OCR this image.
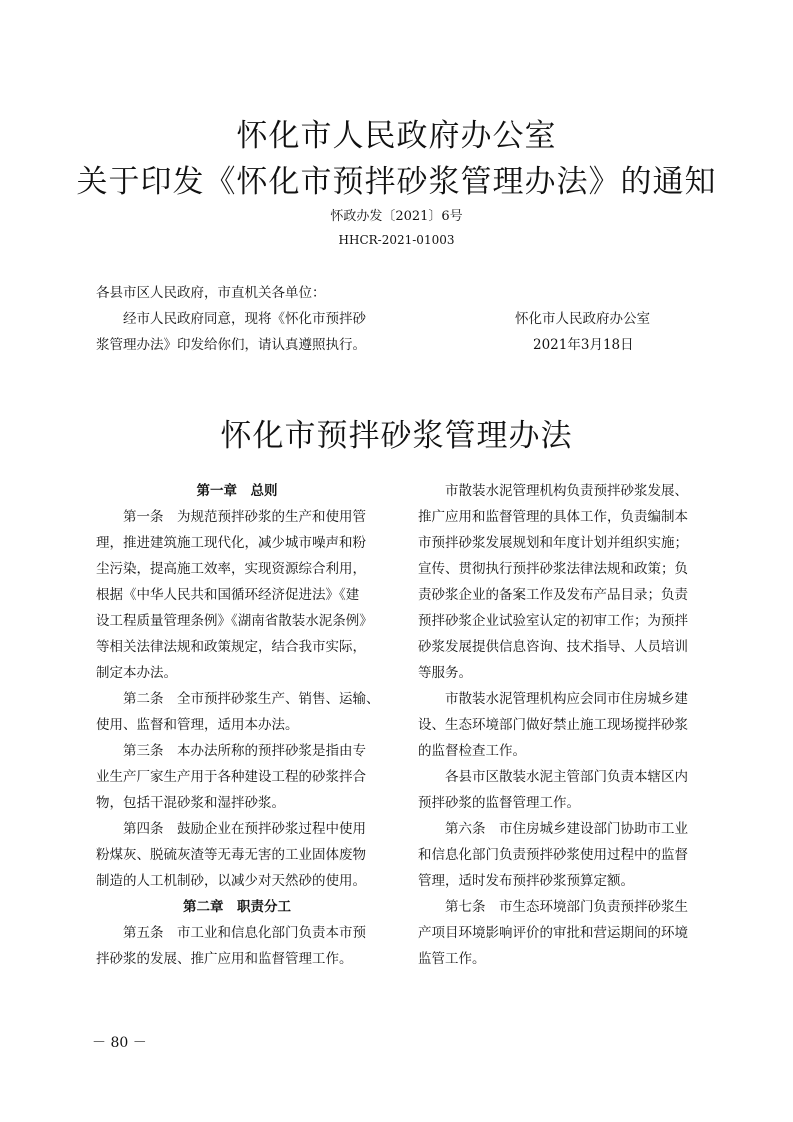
怀化市人民政府办公室
关于印发《怀化市预拌砂浆管理办法》的通知
怀政办发〔2021〕6号
HHCR-2021-01003
各县市区人民政府，市直机关各单位：
经市人民政府同意，现将《怀化市预拌砂
浆管理办法》印发给你们，请认真遵照执行。
怀化市人民政府办公室
2021年3月18日
怀化市预拌砂浆管理办法
第一章　总则
第一条　为规范预拌砂浆的生产和使用管
理，推进建筑施工现代化，减少城市噪声和粉
尘污染，提高施工效率，实现资源综合利用，
根据《中华人民共和国循环经济促进法》《建
设工程质量管理条例》《湖南省散装水泥条例》
等相关法律法规和政策规定，结合我市实际，
制定本办法。
第二条　全市预拌砂浆生产、销售、运输、
使用、监督和管理，适用本办法。
第三条　本办法所称的预拌砂浆是指由专
业生产厂家生产用于各种建设工程的砂浆拌合
物，包括干混砂浆和湿拌砂浆。
第四条　鼓励企业在预拌砂浆过程中使用
粉煤灰、脱硫灰渣等无毒无害的工业固体废物
制造的人工机制砂，以减少对天然砂的使用。
第二章　职责分工
第五条　市工业和信息化部门负责本市预
拌砂浆的发展、推广应用和监督管理工作。
市散装水泥管理机构负责预拌砂浆发展、
推广应用和监督管理的具体工作，负责编制本
市预拌砂浆发展规划和年度计划并组织实施；
宣传、贯彻执行预拌砂浆法律法规和政策；负
责砂浆企业的备案工作及发布产品目录；负责
预拌砂浆企业试验室认定的初审工作；为预拌
砂浆发展提供信息咨询、技术指导、人员培训
等服务。
市散装水泥管理机构应会同市住房城乡建
设、生态环境部门做好禁止施工现场搅拌砂浆
的监督检查工作。
各县市区散装水泥主管部门负责本辖区内
预拌砂浆的监督管理工作。
第六条　市住房城乡建设部门协助市工业
和信息化部门负责预拌砂浆使用过程中的监督
管理，适时发布预拌砂浆预算定额。
第七条　市生态环境部门负责预拌砂浆生
产项目环境影响评价的审批和营运期间的环境
监管工作。
－ 80 －
